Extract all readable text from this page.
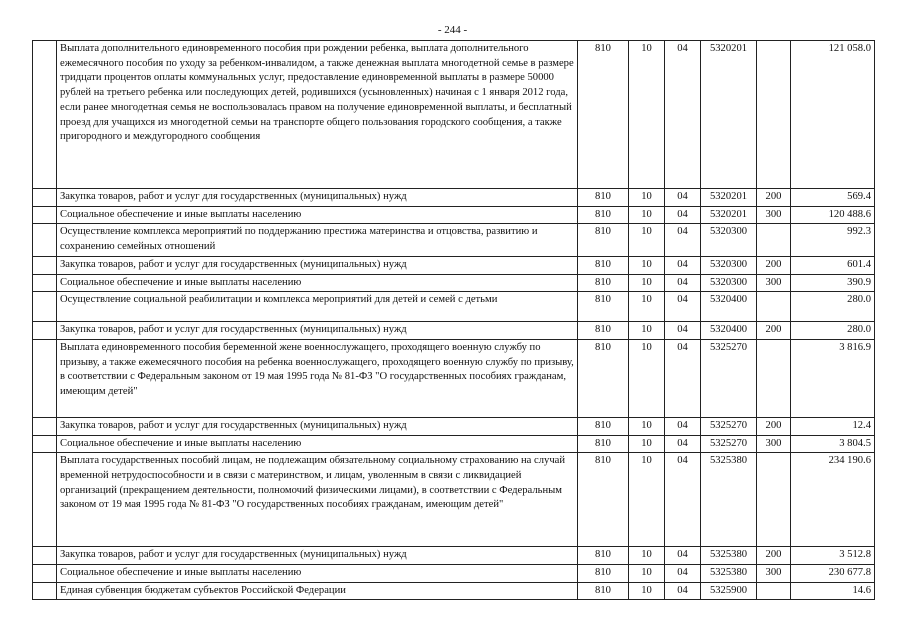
- 244 -
	Выплата дополнительного единовременного пособия при рождении ребенка, выплата дополнительного ежемесячного пособия по уходу за ребенком-инвалидом, а также денежная выплата многодетной семье в размере тридцати процентов оплаты коммунальных услуг, предоставление единовременной выплаты в размере 50000 рублей на третьего ребенка или последующих детей, родившихся (усыновленных) начиная с 1 января 2012 года, если ранее многодетная семья не воспользовалась правом на получение единовременной выплаты, и бесплатный проезд для учащихся из многодетной семьи на транспорте общего пользования городского сообщения, а также пригородного и междугородного сообщения	810	10	04	5320201		121 058.0
	Закупка товаров, работ и услуг для государственных (муниципальных) нужд	810	10	04	5320201	200	569.4
	Социальное обеспечение и иные выплаты населению	810	10	04	5320201	300	120 488.6
	Осуществление комплекса мероприятий по поддержанию престижа материнства и отцовства, развитию и сохранению семейных отношений	810	10	04	5320300		992.3
	Закупка товаров, работ и услуг для государственных (муниципальных) нужд	810	10	04	5320300	200	601.4
	Социальное обеспечение и иные выплаты населению	810	10	04	5320300	300	390.9
	Осуществление социальной реабилитации и комплекса мероприятий для детей и семей с детьми	810	10	04	5320400		280.0
	Закупка товаров, работ и услуг для государственных (муниципальных) нужд	810	10	04	5320400	200	280.0
	Выплата единовременного пособия беременной жене военнослужащего, проходящего военную службу по призыву, а также ежемесячного пособия на ребенка военнослужащего, проходящего военную службу по призыву, в соответствии с Федеральным законом от 19 мая 1995 года № 81-ФЗ "О государственных пособиях гражданам, имеющим детей"	810	10	04	5325270		3 816.9
	Закупка товаров, работ и услуг для государственных (муниципальных) нужд	810	10	04	5325270	200	12.4
	Социальное обеспечение и иные выплаты населению	810	10	04	5325270	300	3 804.5
	Выплата государственных пособий лицам, не подлежащим обязательному социальному страхованию на случай временной нетрудоспособности и в связи с материнством, и лицам, уволенным в связи с ликвидацией организаций (прекращением деятельности, полномочий физическими лицами), в соответствии с Федеральным законом от 19 мая 1995 года № 81-ФЗ "О государственных пособиях гражданам, имеющим детей"	810	10	04	5325380		234 190.6
	Закупка товаров, работ и услуг для государственных (муниципальных) нужд	810	10	04	5325380	200	3 512.8
	Социальное обеспечение и иные выплаты населению	810	10	04	5325380	300	230 677.8
	Единая субвенция бюджетам субъектов Российской Федерации	810	10	04	5325900		14.6
